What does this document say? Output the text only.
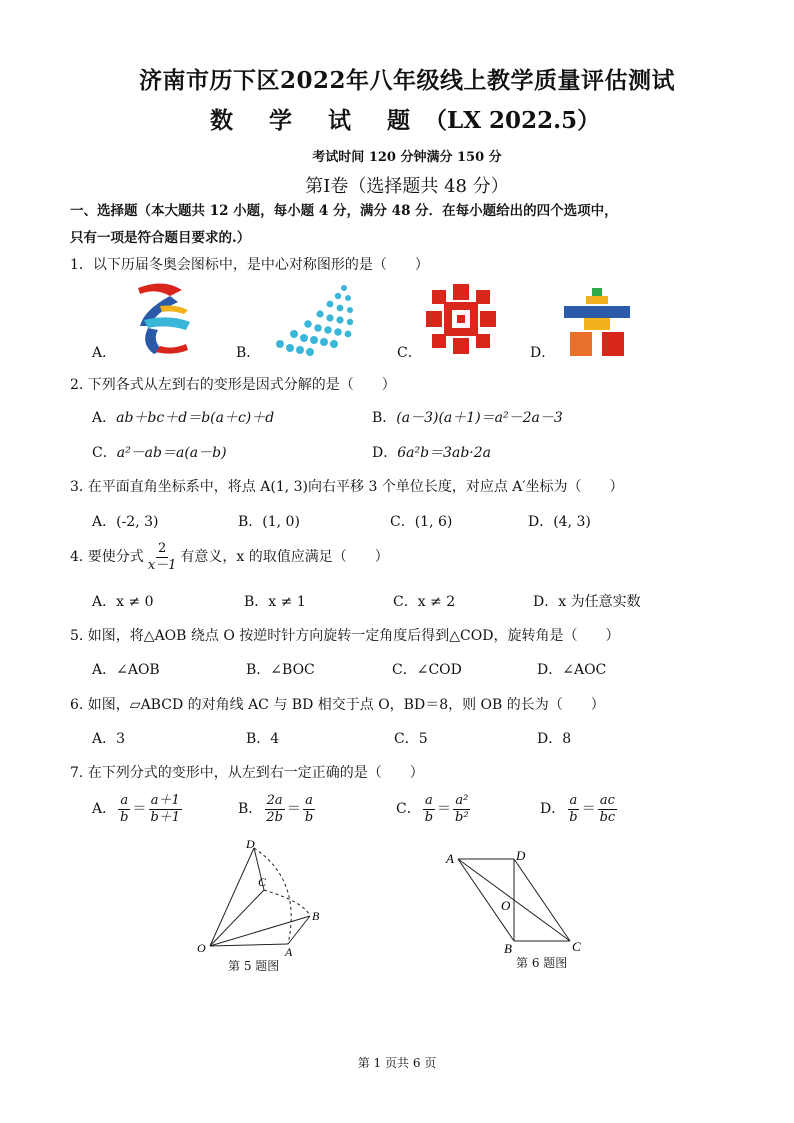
济南市历下区2022年八年级线上教学质量评估测试
数 学 试 题（LX 2022.5）
考试时间 120 分钟满分 150 分
第Ⅰ卷（选择题共 48 分）
一、选择题（本大题共 12 小题，每小题 4 分，满分 48 分．在每小题给出的四个选项中，
只有一项是符合题目要求的.）
1．以下历届冬奥会图标中，是中心对称图形的是（　　）
A．	B．	C．	D．
2. 下列各式从左到右的变形是因式分解的是（　　）
A．ab＋bc＋d＝b(a＋c)＋d	B．(a－3)(a＋1)＝a²－2a－3
C．a²－ab＝a(a－b)	D．6a²b＝3ab·2a
3. 在平面直角坐标系中，将点 A(1, 3)向右平移 3 个单位长度，对应点 A′坐标为（　　）
A．(-2, 3)	B．(1, 0)	C．(1, 6)	D．(4, 3)
4. 要使分式 $\frac{2}{x-1}$ 有意义，x 的取值应满足（　　）
A．x ≠ 0	B．x ≠ 1	C．x ≠ 2	D．x 为任意实数
5. 如图，将△AOB 绕点 O 按逆时针方向旋转一定角度后得到△COD，旋转角是（　　）
A．∠AOB	B．∠BOC	C．∠COD	D．∠AOC
6. 如图，▱ABCD 的对角线 AC 与 BD 相交于点 O，BD＝8，则 OB 的长为（　　）
A．3	B．4	C．5	D．8
7. 在下列分式的变形中，从左到右一定正确的是（　　）
A． $\frac{a}{b} = \frac{a+1}{b+1}$	B． $\frac{2a}{2b} = \frac{a}{b}$	C． $\frac{a}{b} = \frac{\text{a²}}{\text{b²}}$	D． $\frac{a}{b} = \frac{ac}{bc}$
D
C
B
O	A
第 5 题图
A	D
O
B	C
第 6 题图
第 1 页共 6 页
